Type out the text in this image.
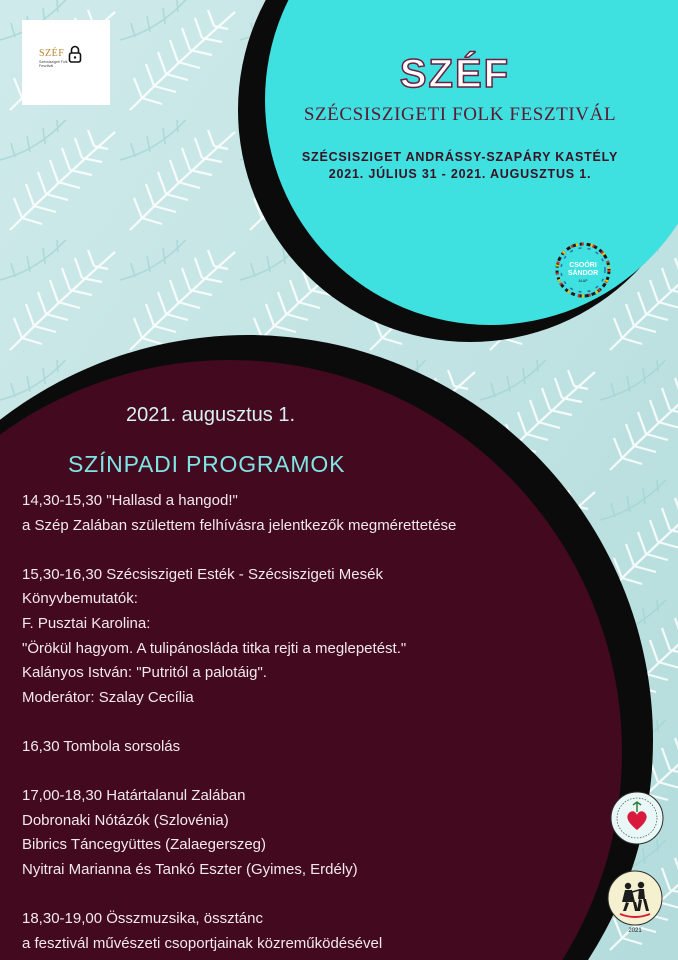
SZÉF
Szécsiszigeti Folk Fesztivál	SZÉF
SZÉCSISZIGETI FOLK FESZTIVÁL
SZÉCSISZIGET ANDRÁSSY-SZAPÁRY KASTÉLY
2021. JÚLIUS 31 - 2021. AUGUSZTUS 1.
CSOÓRI
SÁNDOR
ALAP
2021. augusztus 1.
SZÍNPADI PROGRAMOK

14,30-15,30 "Hallasd a hangod!"

a Szép Zalában születtem felhívásra jelentkezők megmérettetése

15,30-16,30 Szécsiszigeti Esték - Szécsiszigeti Mesék

Könyvbemutatók:

F. Pusztai Karolina:

"Örökül hagyom. A tulipánosláda titka rejti a meglepetést."

Kalányos István: "Putritól a palotáig".

Moderátor: Szalay Cecília

16,30 Tombola sorsolás

17,00-18,30 Határtalanul Zalában

Dobronaki Nótázók (Szlovénia)

Bibrics Táncegyüttes (Zalaegerszeg)

Nyitrai Marianna és Tankó Eszter (Gyimes, Erdély)

18,30-19,00 Összmuzsika, össztánc

a fesztivál művészeti csoportjainak közreműködésével

2021
